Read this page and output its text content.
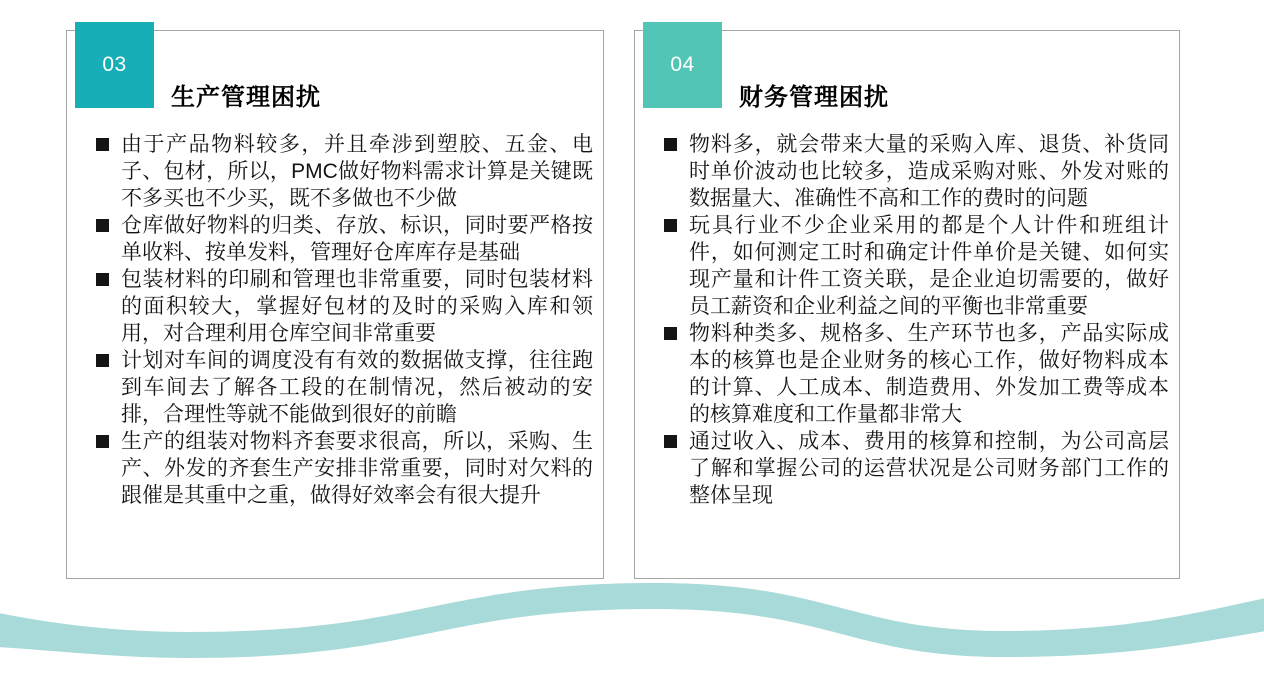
03
生产管理困扰
由于产品物料较多，并且牵涉到塑胶、五金、电子、包材，所以，PMC做好物料需求计算是关键既不多买也不少买，既不多做也不少做
仓库做好物料的归类、存放、标识，同时要严格按单收料、按单发料，管理好仓库库存是基础
包装材料的印刷和管理也非常重要，同时包装材料的面积较大，掌握好包材的及时的采购入库和领用，对合理利用仓库空间非常重要
计划对车间的调度没有有效的数据做支撑，往往跑到车间去了解各工段的在制情况，然后被动的安排，合理性等就不能做到很好的前瞻
生产的组装对物料齐套要求很高，所以，采购、生产、外发的齐套生产安排非常重要，同时对欠料的跟催是其重中之重，做得好效率会有很大提升
04
财务管理困扰
物料多，就会带来大量的采购入库、退货、补货同时单价波动也比较多，造成采购对账、外发对账的数据量大、准确性不高和工作的费时的问题
玩具行业不少企业采用的都是个人计件和班组计件，如何测定工时和确定计件单价是关键、如何实现产量和计件工资关联，是企业迫切需要的，做好员工薪资和企业利益之间的平衡也非常重要
物料种类多、规格多、生产环节也多，产品实际成本的核算也是企业财务的核心工作，做好物料成本的计算、人工成本、制造费用、外发加工费等成本的核算难度和工作量都非常大
通过收入、成本、费用的核算和控制，为公司高层了解和掌握公司的运营状况是公司财务部门工作的整体呈现
